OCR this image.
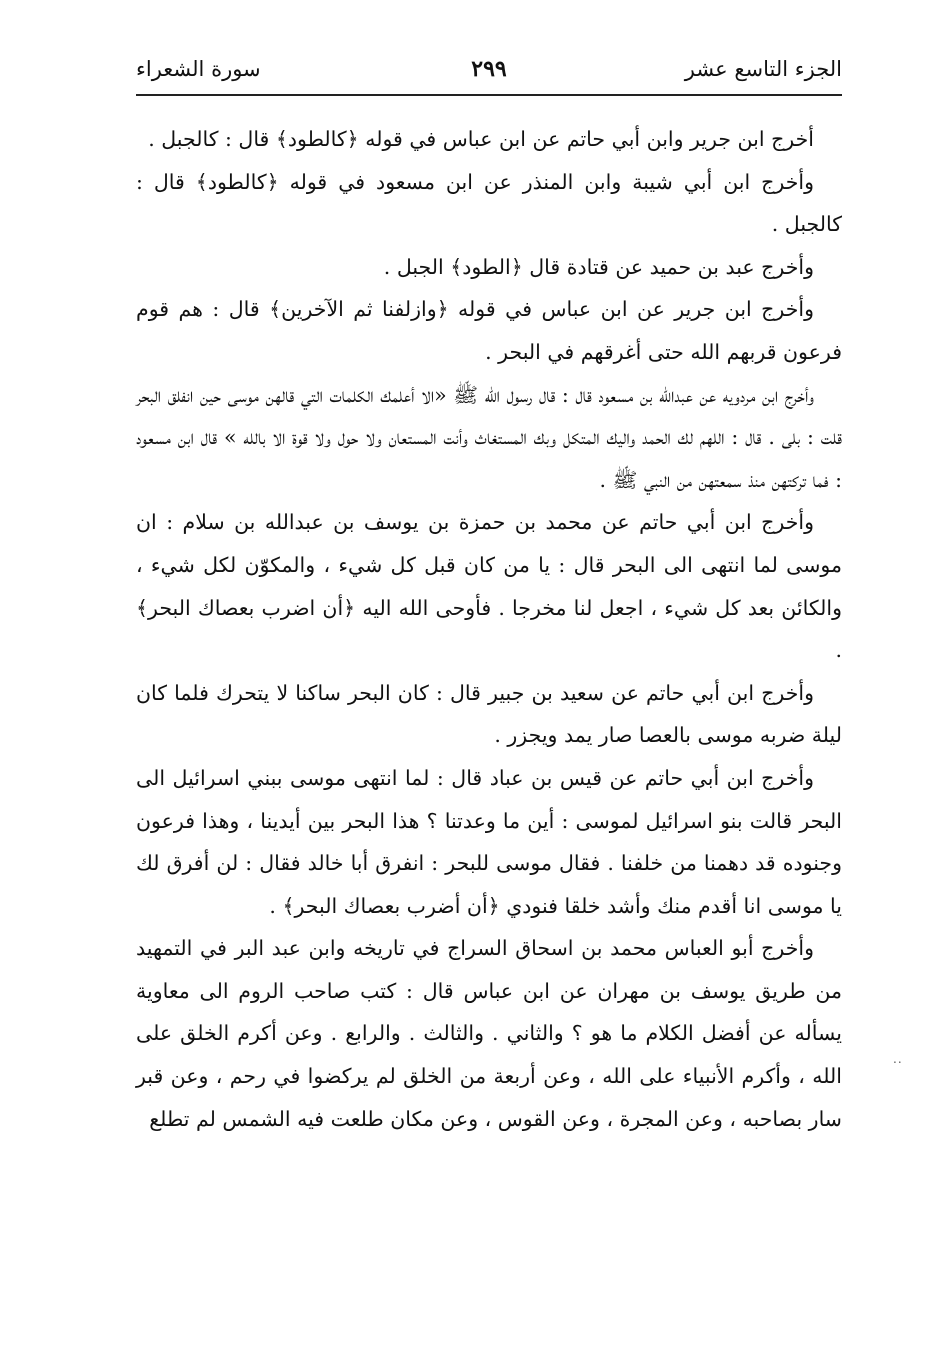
الجزء التاسع عشر
٢٩٩
سورة الشعراء

أخرج ابن جرير وابن أبي حاتم عن ابن عباس في قوله ﴿كالطود﴾ قال : كالجبل .

وأخرج ابن أبي شيبة وابن المنذر عن ابن مسعود في قوله ﴿كالطود﴾ قال : كالجبل .

وأخرج عبد بن حميد عن قتادة قال ﴿الطود﴾ الجبل .

وأخرج ابن جرير عن ابن عباس في قوله ﴿وازلفنا ثم الآخرين﴾ قال : هم قوم فرعون قربهم الله حتى أغرقهم في البحر .

وأخرج ابن مردويه عن عبدالله بن مسعود قال : قال رسول الله ﷺ «الا أعلمك الكلمات التي قالهن موسى حين انفلق البحر قلت : بلى . قال : اللهم لك الحمد واليك المتكل وبك المستغاث وأنت المستعان ولا حول ولا قوة الا بالله » قال ابن مسعود : فما تركتهن منذ سمعتهن من النبي ﷺ .

وأخرج ابن أبي حاتم عن محمد بن حمزة بن يوسف بن عبدالله بن سلام : ان موسى لما انتهى الى البحر قال : يا من كان قبل كل شيء ، والمكوّن لكل شيء ، والكائن بعد كل شيء ، اجعل لنا مخرجا . فأوحى الله اليه ﴿أن اضرب بعصاك البحر﴾ .

وأخرج ابن أبي حاتم عن سعيد بن جبير قال : كان البحر ساكنا لا يتحرك فلما كان ليلة ضربه موسى بالعصا صار يمد ويجزر .

وأخرج ابن أبي حاتم عن قيس بن عباد قال : لما انتهى موسى ببني اسرائيل الى البحر قالت بنو اسرائيل لموسى : أين ما وعدتنا ؟ هذا البحر بين أيدينا ، وهذا فرعون وجنوده قد دهمنا من خلفنا . فقال موسى للبحر : انفرق أبا خالد فقال : لن أفرق لك يا موسى انا أقدم منك وأشد خلقا فنودي ﴿أن أضرب بعصاك البحر﴾ .

وأخرج أبو العباس محمد بن اسحاق السراج في تاريخه وابن عبد البر في التمهيد من طريق يوسف بن مهران عن ابن عباس قال : كتب صاحب الروم الى معاوية يسأله عن أفضل الكلام ما هو ؟ والثاني . والثالث . والرابع . وعن أكرم الخلق على الله ، وأكرم الأنبياء على الله ، وعن أربعة من الخلق لم يركضوا في رحم ، وعن قبر سار بصاحبه ، وعن المجرة ، وعن القوس ، وعن مكان طلعت فيه الشمس لم تطلع

..
